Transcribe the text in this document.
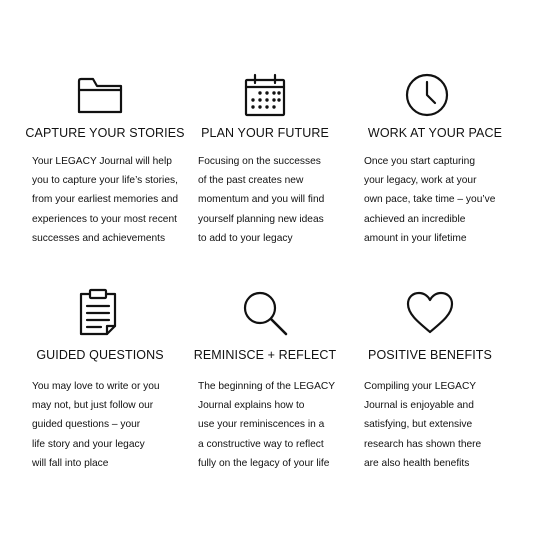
CAPTURE YOUR STORIES
Your LEGACY Journal will help
you to capture your life’s stories,
from your earliest memories and
experiences to your most recent
successes and achievements
PLAN YOUR FUTURE
Focusing on the successes
of the past creates new
momentum and you will find
yourself planning new ideas
to add to your legacy
WORK AT YOUR PACE
Once you start capturing
your legacy, work at your
own pace, take time – you’ve
achieved an incredible
amount in your lifetime
GUIDED QUESTIONS
You may love to write or you
may not, but just follow our
guided questions – your
life story and your legacy
will fall into place
REMINISCE + REFLECT
The beginning of the LEGACY
Journal explains how to
use your reminiscences in a
a constructive way to reflect
fully on the legacy of your life
POSITIVE BENEFITS
Compiling your LEGACY
Journal is enjoyable and
satisfying, but extensive
research has shown there
are also health benefits
